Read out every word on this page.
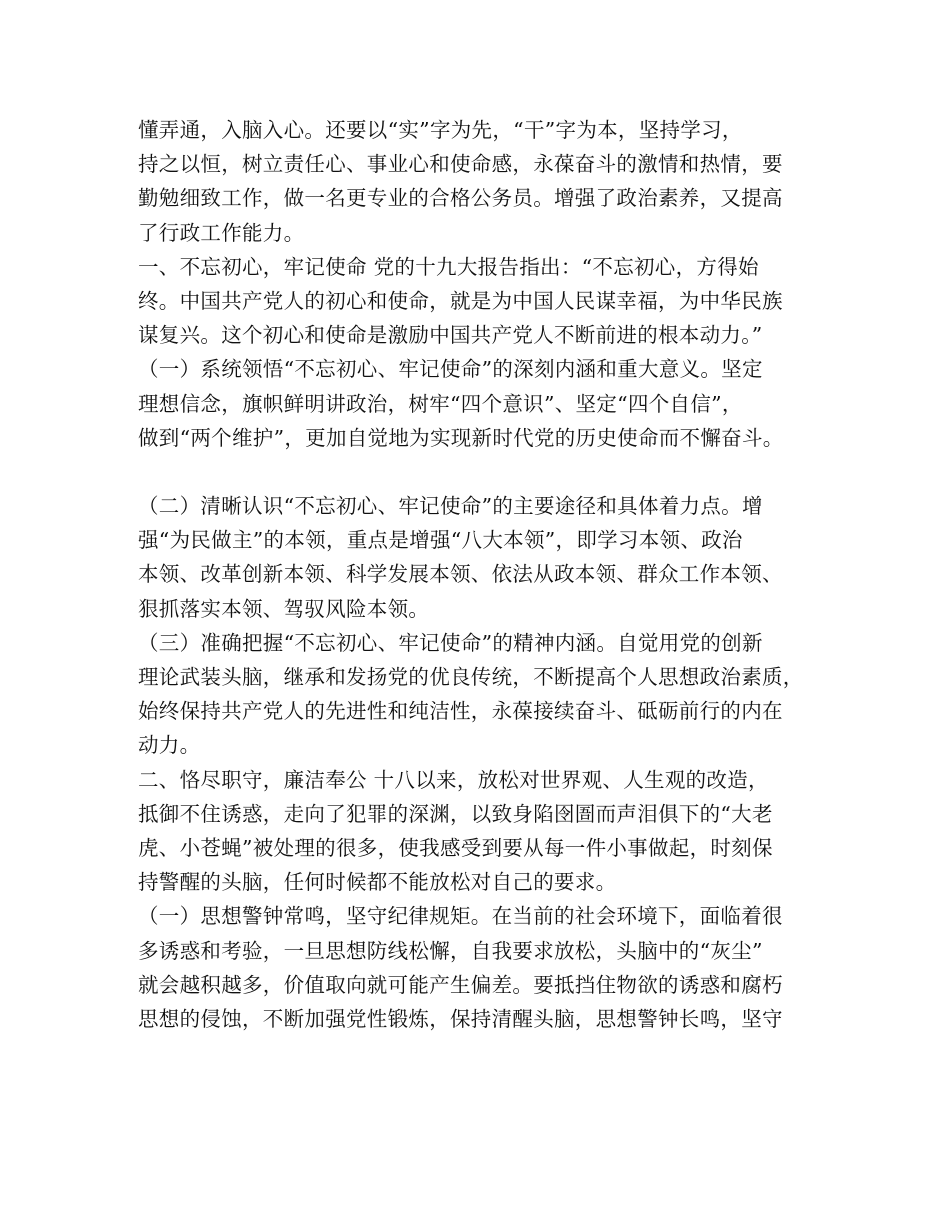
懂弄通，入脑入心。还要以“实”字为先，“干”字为本，坚持学习，
持之以恒，树立责任心、事业心和使命感，永葆奋斗的激情和热情，要
勤勉细致工作，做一名更专业的合格公务员。增强了政治素养，又提高
了行政工作能力。
一、不忘初心，牢记使命 党的十九大报告指出：“不忘初心，方得始
终。中国共产党人的初心和使命，就是为中国人民谋幸福，为中华民族
谋复兴。这个初心和使命是激励中国共产党人不断前进的根本动力。”
（一）系统领悟“不忘初心、牢记使命”的深刻内涵和重大意义。坚定
理想信念，旗帜鲜明讲政治，树牢“四个意识”、坚定“四个自信”，
做到“两个维护”，更加自觉地为实现新时代党的历史使命而不懈奋斗。
（二）清晰认识“不忘初心、牢记使命”的主要途径和具体着力点。增
强“为民做主”的本领，重点是增强“八大本领”，即学习本领、政治
本领、改革创新本领、科学发展本领、依法从政本领、群众工作本领、
狠抓落实本领、驾驭风险本领。
（三）准确把握“不忘初心、牢记使命”的精神内涵。自觉用党的创新
理论武装头脑，继承和发扬党的优良传统，不断提高个人思想政治素质，
始终保持共产党人的先进性和纯洁性，永葆接续奋斗、砥砺前行的内在
动力。
二、恪尽职守，廉洁奉公 十八以来，放松对世界观、人生观的改造，
抵御不住诱惑，走向了犯罪的深渊，以致身陷囹圄而声泪俱下的“大老
虎、小苍蝇”被处理的很多，使我感受到要从每一件小事做起，时刻保
持警醒的头脑，任何时候都不能放松对自己的要求。
（一）思想警钟常鸣，坚守纪律规矩。在当前的社会环境下，面临着很
多诱惑和考验，一旦思想防线松懈，自我要求放松，头脑中的“灰尘”
就会越积越多，价值取向就可能产生偏差。要抵挡住物欲的诱惑和腐朽
思想的侵蚀，不断加强党性锻炼，保持清醒头脑，思想警钟长鸣，坚守
